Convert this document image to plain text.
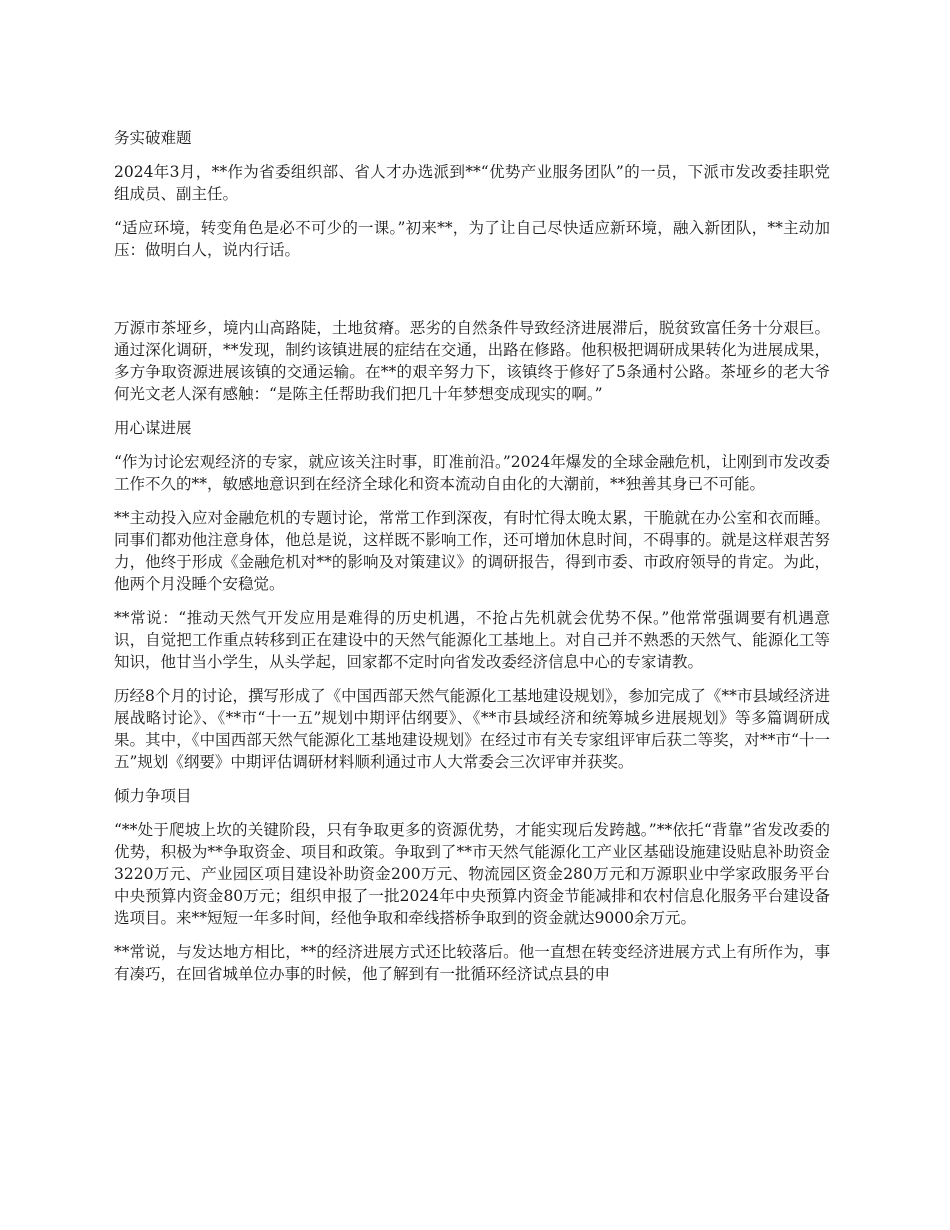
务实破难题

2024年3月，**作为省委组织部、省人才办选派到**“优势产业服务团队”的一员，下派市发改委挂职党组成员、副主任。

“适应环境，转变角色是必不可少的一课。”初来**，为了让自己尽快适应新环境，融入新团队，**主动加压：做明白人，说内行话。

万源市茶垭乡，境内山高路陡，土地贫瘠。恶劣的自然条件导致经济进展滞后，脱贫致富任务十分艰巨。通过深化调研，**发现，制约该镇进展的症结在交通，出路在修路。他积极把调研成果转化为进展成果，多方争取资源进展该镇的交通运输。在**的艰辛努力下，该镇终于修好了5条通村公路。茶垭乡的老大爷何光文老人深有感触：“是陈主任帮助我们把几十年梦想变成现实的啊。”

用心谋进展

“作为讨论宏观经济的专家，就应该关注时事，盯准前沿。”2024年爆发的全球金融危机，让刚到市发改委工作不久的**，敏感地意识到在经济全球化和资本流动自由化的大潮前，**独善其身已不可能。

**主动投入应对金融危机的专题讨论，常常工作到深夜，有时忙得太晚太累，干脆就在办公室和衣而睡。同事们都劝他注意身体，他总是说，这样既不影响工作，还可增加休息时间，不碍事的。就是这样艰苦努力，他终于形成《金融危机对**的影响及对策建议》的调研报告，得到市委、市政府领导的肯定。为此，他两个月没睡个安稳觉。

**常说：“推动天然气开发应用是难得的历史机遇，不抢占先机就会优势不保。”他常常强调要有机遇意识，自觉把工作重点转移到正在建设中的天然气能源化工基地上。对自己并不熟悉的天然气、能源化工等知识，他甘当小学生，从头学起，回家都不定时向省发改委经济信息中心的专家请教。

历经8个月的讨论，撰写形成了《中国西部天然气能源化工基地建设规划》，参加完成了《**市县域经济进展战略讨论》、《**市“十一五”规划中期评估纲要》、《**市县域经济和统筹城乡进展规划》等多篇调研成果。其中，《中国西部天然气能源化工基地建设规划》在经过市有关专家组评审后获二等奖，对**市“十一五”规划《纲要》中期评估调研材料顺利通过市人大常委会三次评审并获奖。

倾力争项目

“**处于爬坡上坎的关键阶段，只有争取更多的资源优势，才能实现后发跨越。”**依托“背靠”省发改委的优势，积极为**争取资金、项目和政策。争取到了**市天然气能源化工产业区基础设施建设贴息补助资金3220万元、产业园区项目建设补助资金200万元、物流园区资金280万元和万源职业中学家政服务平台中央预算内资金80万元；组织申报了一批2024年中央预算内资金节能减排和农村信息化服务平台建设备选项目。来**短短一年多时间，经他争取和牵线搭桥争取到的资金就达9000余万元。

**常说，与发达地方相比，**的经济进展方式还比较落后。他一直想在转变经济进展方式上有所作为，事有凑巧，在回省城单位办事的时候，他了解到有一批循环经济试点县的申
